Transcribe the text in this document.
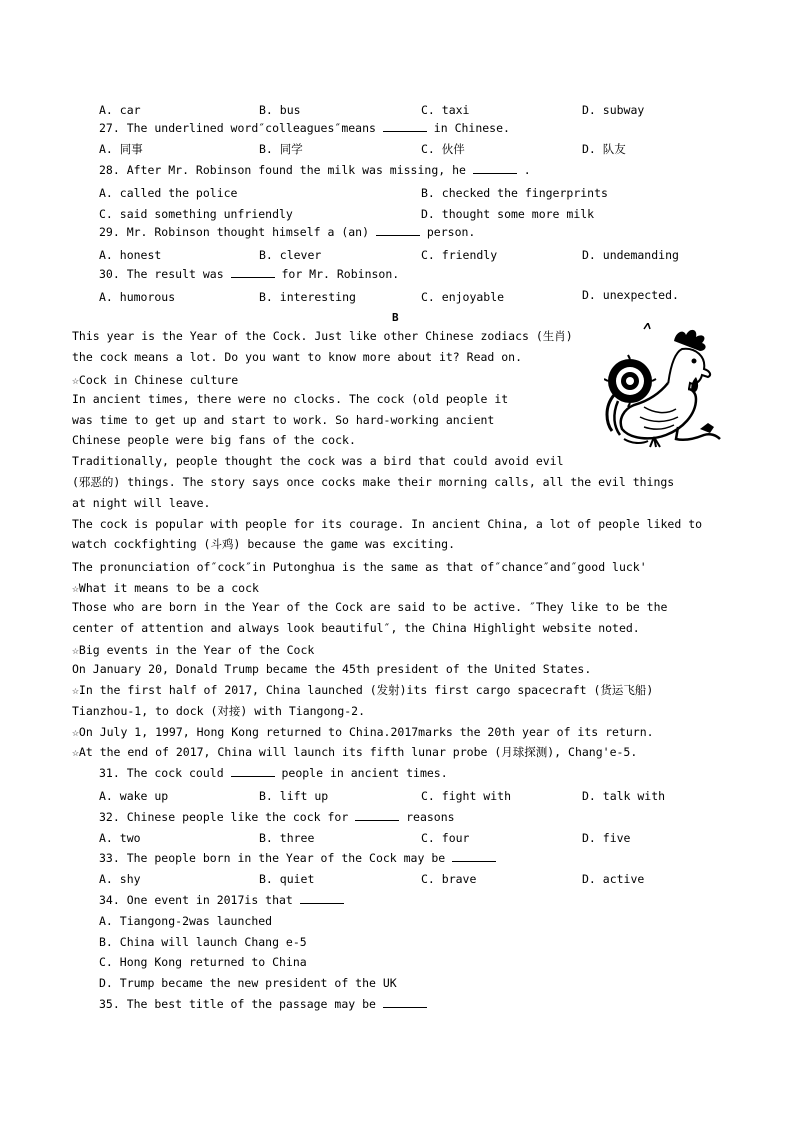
A. car	B. bus	C. taxi	D. subway
27. The underlined word″colleagues″means	in Chinese.
A. 同事	B. 同学	C. 伙伴	D. 队友
28. After Mr. Robinson found the milk was missing, he	.
A. called the police	B. checked the fingerprints
C. said something unfriendly	D. thought some more milk
29. Mr. Robinson thought himself a (an)	person.
A. honest	B. clever	C. friendly	D. undemanding
30. The result was	for Mr. Robinson.
A. humorous	B. interesting	C. enjoyable	D. unexpected.
B
This year is the Year of the Cock. Just like other Chinese zodiacs (生肖)
the cock means a lot. Do you want to know more about it? Read on.
☆Cock in Chinese culture
In ancient times, there were no clocks. The cock (old people it
was time to get up and start to work. So hard-working ancient
Chinese people were big fans of the cock.
Traditionally, people thought the cock was a bird that could avoid evil
(邪恶的) things. The story says once cocks make their morning calls, all the evil things
at night will leave.
The cock is popular with people for its courage. In ancient China, a lot of people liked to
watch cockfighting (斗鸡) because the game was exciting.
The pronunciation of″cock″in Putonghua is the same as that of″chance″and″good luck'
☆What it means to be a cock
Those who are born in the Year of the Cock are said to be active. ″They like to be the
center of attention and always look beautiful″, the China Highlight website noted.
☆Big events in the Year of the Cock
On January 20, Donald Trump became the 45th president of the United States.
☆In the first half of 2017, China launched (发射)its first cargo spacecraft (货运飞船)
Tianzhou-1, to dock (对接) with Tiangong-2.
☆On July 1, 1997, Hong Kong returned to China.2017marks the 20th year of its return.
☆At the end of 2017, China will launch its fifth lunar probe (月球探测), Chang'e-5.
31. The cock could	people in ancient times.
A. wake up	B. lift up	C. fight with	D. talk with
32. Chinese people like the cock for	reasons
A. two	B. three	C. four	D. five
33. The people born in the Year of the Cock may be
A. shy	B. quiet	C. brave	D. active
34. One event in 2017is that
A. Tiangong-2was launched
B. China will launch Chang e-5
C. Hong Kong returned to China
D. Trump became the new president of the UK
35. The best title of the passage may be
